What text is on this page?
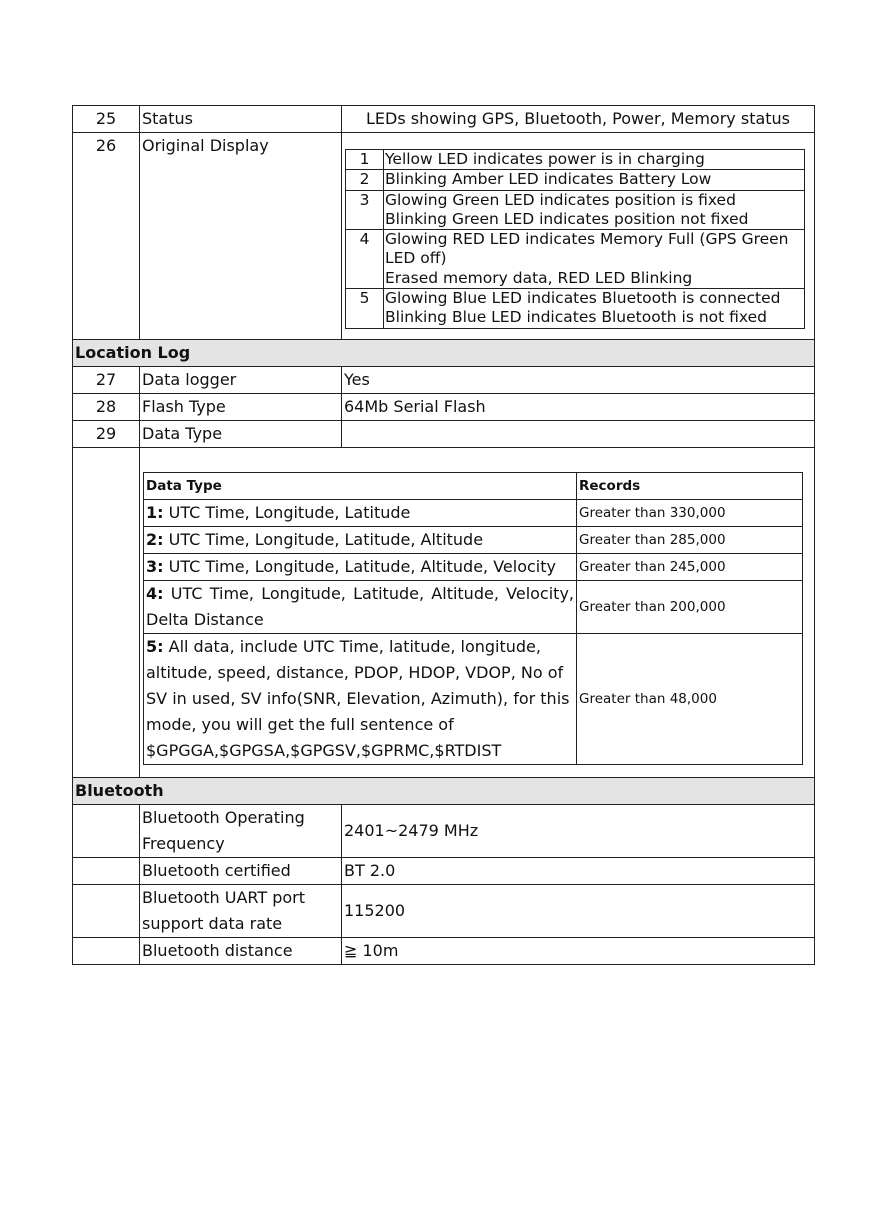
25	Status	LEDs showing GPS, Bluetooth, Power, Memory status
26	Original Display	
1	Yellow LED indicates power is in charging

2	Blinking Amber LED indicates Battery Low

3	Glowing Green LED indicates position is fixed
Blinking Green LED indicates position not fixed

4	Glowing RED LED indicates Memory Full (GPS Green LED off)
Erased memory data, RED LED Blinking

5	Glowing Blue LED indicates Bluetooth is connected
Blinking Blue LED indicates Bluetooth is not fixed

Location Log
27	Data logger	Yes
28	Flash Type	64Mb Serial Flash
29	Data Type	

Data Type	Records
1: UTC Time, Longitude, Latitude	Greater than 330,000
2: UTC Time, Longitude, Latitude, Altitude	Greater than 285,000
3: UTC Time, Longitude, Latitude, Altitude, Velocity	Greater than 245,000
4: UTC Time, Longitude, Latitude, Altitude, Velocity, Delta Distance	Greater than 200,000
5: All data, include UTC Time, latitude, longitude, altitude, speed, distance, PDOP, HDOP, VDOP, No of SV in used, SV info(SNR, Elevation, Azimuth), for this mode, you will get the full sentence of $GPGGA,$GPGSA,$GPGSV,$GPRMC,$RTDIST	Greater than 48,000

Bluetooth
	Bluetooth Operating Frequency	2401~2479 MHz
	Bluetooth certified	BT 2.0
	Bluetooth UART port support data rate	115200
	Bluetooth distance	≧ 10m
